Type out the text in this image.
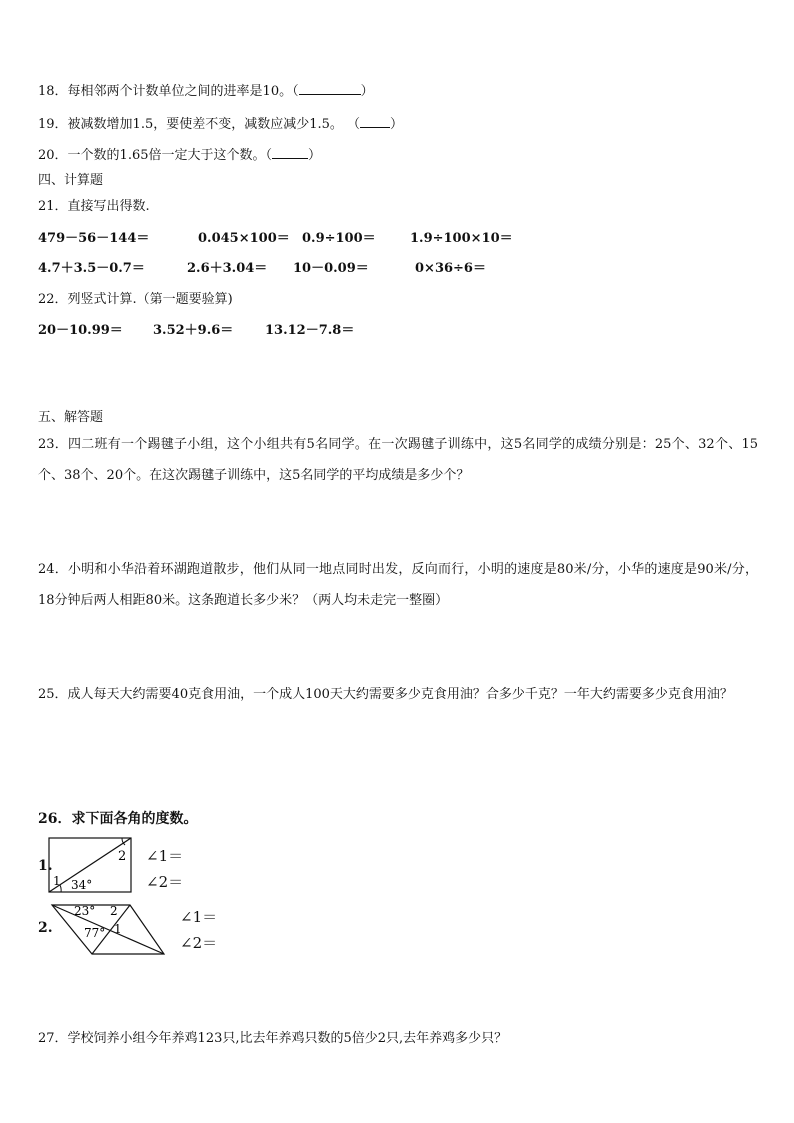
18．每相邻两个计数单位之间的进率是10。（	）
19．被减数增加1.5，要使差不变，减数应减少1.5。 （ ）
20．一个数的1.65倍一定大于这个数。（	）
四、计算题
21．直接写出得数.
479－56－144＝	0.045×100＝ 0.9÷100＝	1.9÷100×10＝
4.7＋3.5－0.7＝	2.6＋3.04＝ 10－0.09＝	0×36÷6＝
22．列竖式计算.（第一题要验算)
20－10.99＝ 3.52＋9.6＝ 13.12－7.8＝
五、解答题
23．四二班有一个踢毽子小组，这个小组共有5名同学。在一次踢毽子训练中，这5名同学的成绩分别是：25个、32个、15个、38个、20个。在这次踢毽子训练中，这5名同学的平均成绩是多少个？
24．小明和小华沿着环湖跑道散步，他们从同一地点同时出发，反向而行，小明的速度是80米/分，小华的速度是90米/分，18分钟后两人相距80米。这条跑道长多少米？（两人均未走完一整圈）
25．成人每天大约需要40克食用油，一个成人100天大约需要多少克食用油？合多少千克？一年大约需要多少克食用油？
26．求下面各角的度数。
1.
2
1 34°
∠1＝
∠2＝
2.
23° 2
77° 1
∠1＝
∠2＝
27．学校饲养小组今年养鸡123只,比去年养鸡只数的5倍少2只,去年养鸡多少只？
